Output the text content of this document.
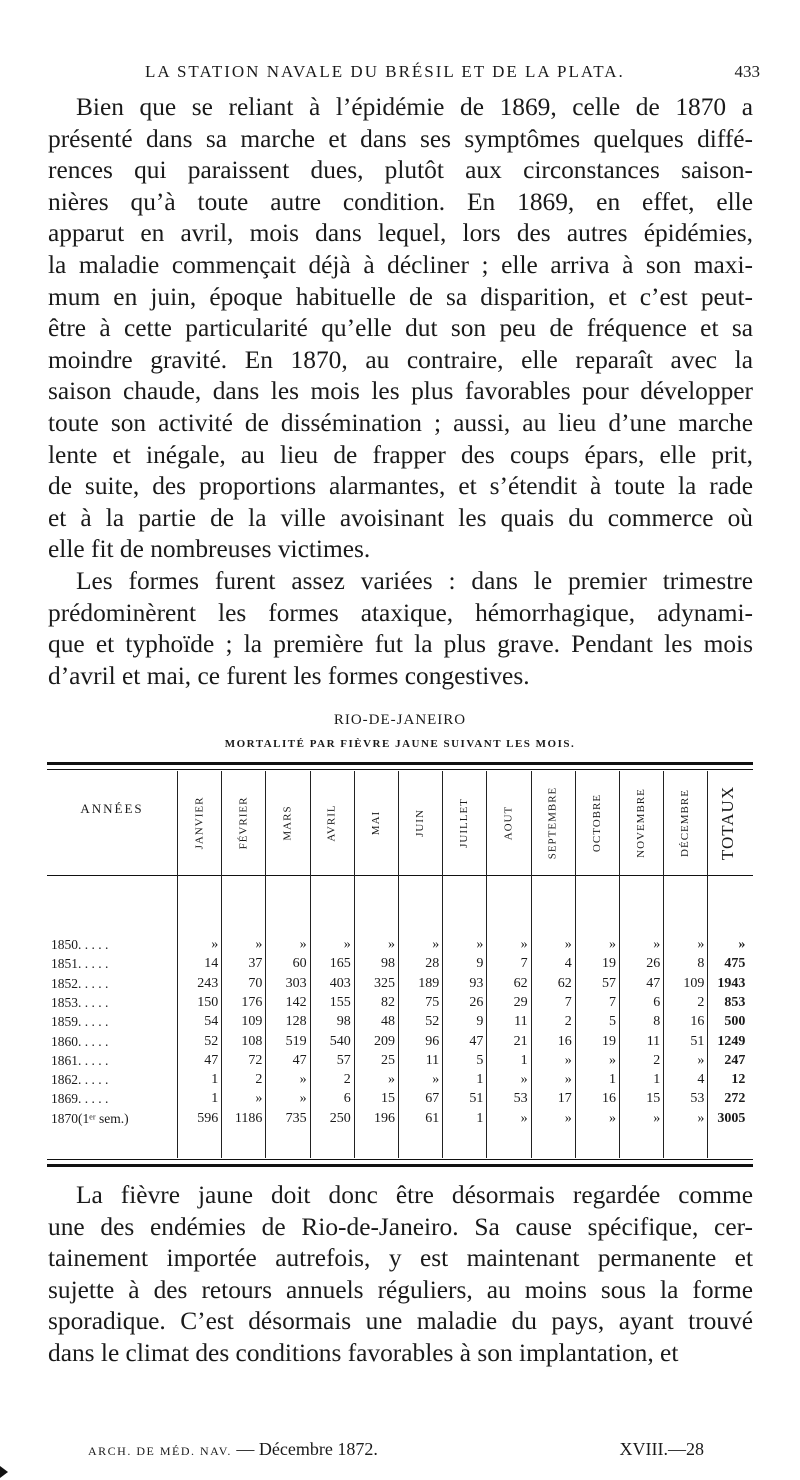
LA STATION NAVALE DU BRÉSIL ET DE LA PLATA.	433
Bien que se reliant à l’épidémie de 1869, celle de 1870 a
présenté dans sa marche et dans ses symptômes quelques diffé-
rences qui paraissent dues, plutôt aux circonstances saison-
nières qu’à toute autre condition. En 1869, en effet, elle
apparut en avril, mois dans lequel, lors des autres épidémies,
la maladie commençait déjà à décliner ; elle arriva à son maxi-
mum en juin, époque habituelle de sa disparition, et c’est peut-
être à cette particularité qu’elle dut son peu de fréquence et sa
moindre gravité. En 1870, au contraire, elle reparaît avec la
saison chaude, dans les mois les plus favorables pour développer
toute son activité de dissémination ; aussi, au lieu d’une marche
lente et inégale, au lieu de frapper des coups épars, elle prit,
de suite, des proportions alarmantes, et s’étendit à toute la rade
et à la partie de la ville avoisinant les quais du commerce où
elle fit de nombreuses victimes.
Les formes furent assez variées : dans le premier trimestre
prédominèrent les formes ataxique, hémorrhagique, adynami-
que et typhoïde ; la première fut la plus grave. Pendant les mois
d’avril et mai, ce furent les formes congestives.
RIO-DE-JANEIRO
MORTALITÉ PAR FIÈVRE JAUNE SUIVANT LES MOIS.
ANNÉES	JANVIER	FÉVRIER	MARS	AVRIL	MAI	JUIN	JUILLET	AOUT	SEPTEMBRE	OCTOBRE	NOVEMBRE	DÉCEMBRE TOTAUX
1850. . . . .	»	»	»	»	»	»	»	»	»	»	»	»	»
1851. . . . .	14	37	60	165	98	28	9	7	4	19	26	8	475
1852. . . . .	243	70	303	403	325	189	93	62	62	57	47	109 1943
1853. . . . .	150	176	142	155	82	75	26	29	7	7	6	2	853
1859. . . . .	54	109	128	98	48	52	9	11	2	5	8	16	500
1860. . . . .	52	108	519	540	209	96	47	21	16	19	11	51 1249
1861. . . . .	47	72	47	57	25	11	5	1	»	»	2	»	247
1862. . . . .	1	2	»	2	»	»	1	»	»	1	1	4	12
1869. . . . .	1	»	»	6	15	67	51	53	17	16	15	53	272
1870(1ᵉʳ sem.)	596	1186	735	250	196	61	1	»	»	»	»	» 3005
La fièvre jaune doit donc être désormais regardée comme
une des endémies de Rio-de-Janeiro. Sa cause spécifique, cer-
tainement importée autrefois, y est maintenant permanente et
sujette à des retours annuels réguliers, au moins sous la forme
sporadique. C’est désormais une maladie du pays, ayant trouvé
dans le climat des conditions favorables à son implantation, et
ARCH. DE MÉD. NAV. — Décembre 1872.	XVIII.—28
